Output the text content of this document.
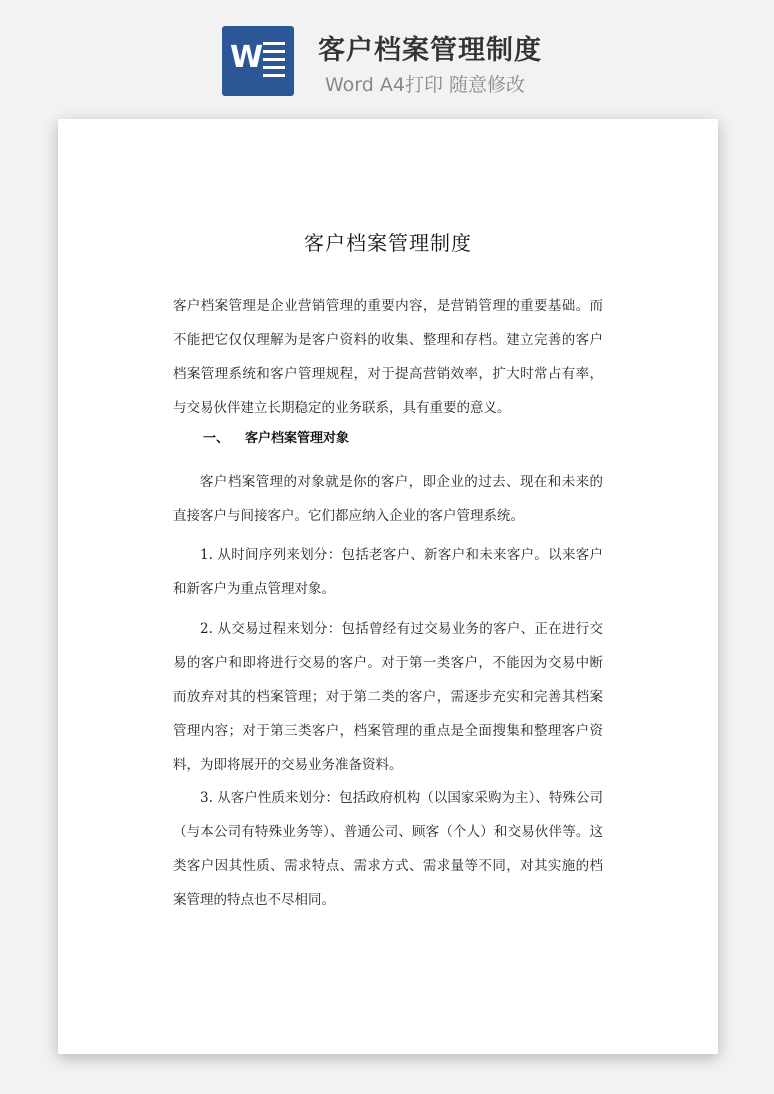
W 客户档案管理制度
Word A4打印 随意修改
客户档案管理制度
客户档案管理是企业营销管理的重要内容，是营销管理的重要基础。而不能把它仅仅理解为是客户资料的收集、整理和存档。建立完善的客户档案管理系统和客户管理规程，对于提高营销效率，扩大时常占有率，与交易伙伴建立长期稳定的业务联系，具有重要的意义。
一、 客户档案管理对象
客户档案管理的对象就是你的客户，即企业的过去、现在和未来的直接客户与间接客户。它们都应纳入企业的客户管理系统。
1. 从时间序列来划分：包括老客户、新客户和未来客户。以来客户和新客户为重点管理对象。
2. 从交易过程来划分：包括曾经有过交易业务的客户、正在进行交易的客户和即将进行交易的客户。对于第一类客户，不能因为交易中断而放弃对其的档案管理；对于第二类的客户，需逐步充实和完善其档案管理内容；对于第三类客户，档案管理的重点是全面搜集和整理客户资料，为即将展开的交易业务准备资料。
3. 从客户性质来划分：包括政府机构（以国家采购为主）、特殊公司（与本公司有特殊业务等）、普通公司、顾客（个人）和交易伙伴等。这类客户因其性质、需求特点、需求方式、需求量等不同，对其实施的档案管理的特点也不尽相同。
